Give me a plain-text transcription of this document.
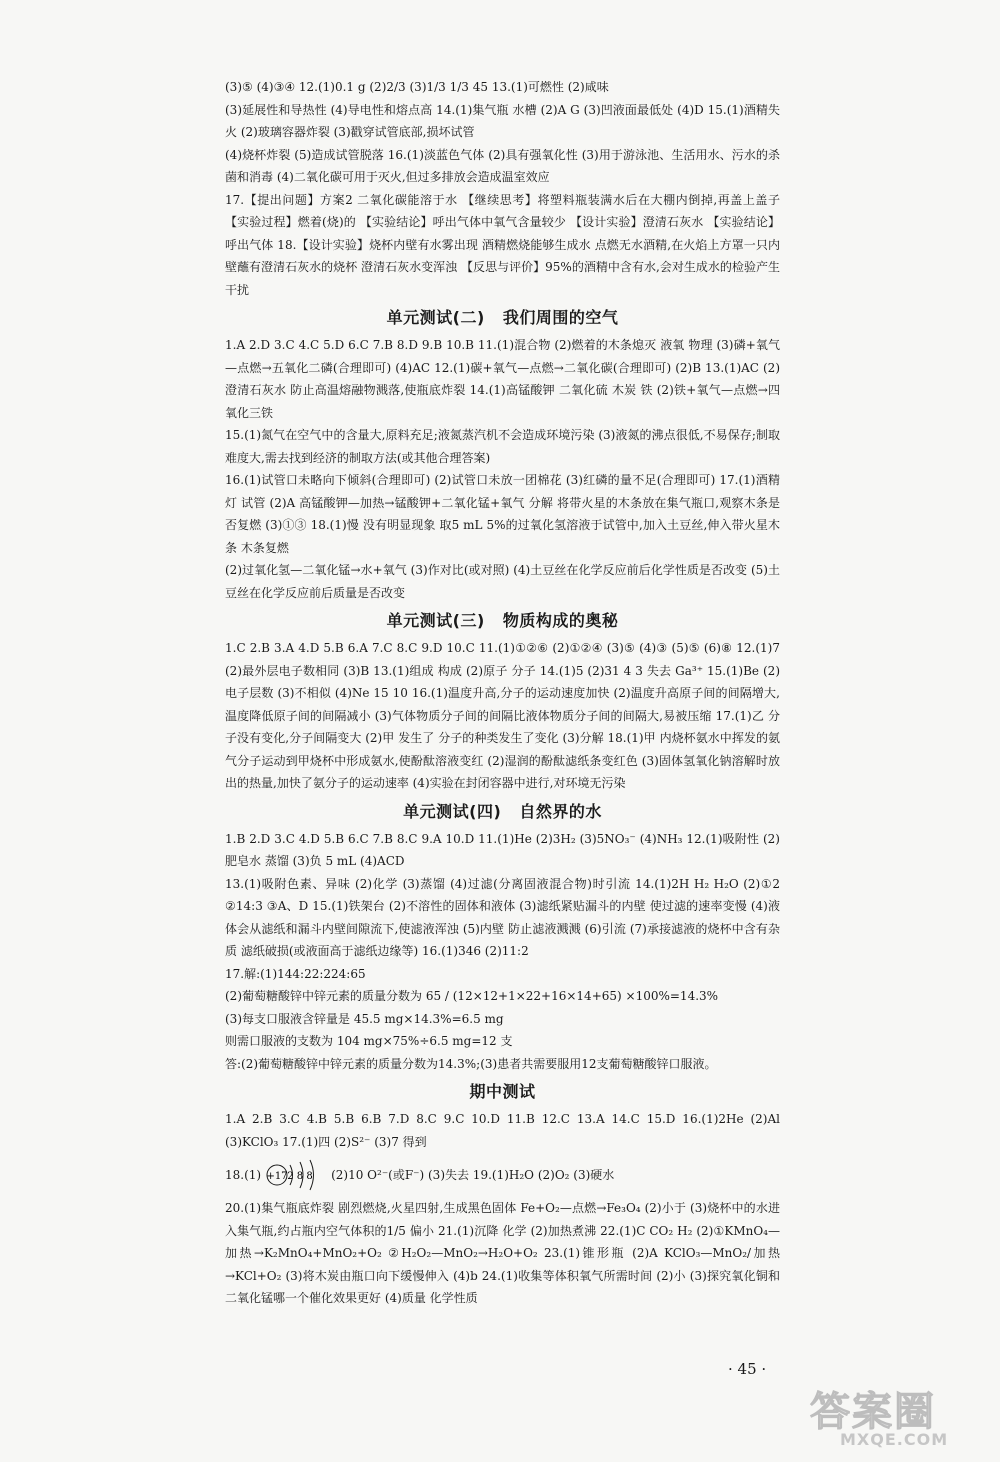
(3)⑤ (4)③④ 12.(1)0.1 g (2)2/3 (3)1/3 1/3 45 13.(1)可燃性 (2)咸味

(3)延展性和导热性 (4)导电性和熔点高 14.(1)集气瓶 水槽 (2)A G (3)凹液面最低处 (4)D 15.(1)酒精失火 (2)玻璃容器炸裂 (3)戳穿试管底部,损坏试管

(4)烧杯炸裂 (5)造成试管脱落 16.(1)淡蓝色气体 (2)具有强氧化性 (3)用于游泳池、生活用水、污水的杀菌和消毒 (4)二氧化碳可用于灭火,但过多排放会造成温室效应

17.【提出问题】方案2 二氧化碳能溶于水 【继续思考】将塑料瓶装满水后在大棚内倒掉,再盖上盖子 【实验过程】燃着(烧)的 【实验结论】呼出气体中氧气含量较少 【设计实验】澄清石灰水 【实验结论】呼出气体 18.【设计实验】烧杯内壁有水雾出现 酒精燃烧能够生成水 点燃无水酒精,在火焰上方罩一只内壁蘸有澄清石灰水的烧杯 澄清石灰水变浑浊 【反思与评价】95%的酒精中含有水,会对生成水的检验产生干扰

单元测试(二) 我们周围的空气

1.A 2.D 3.C 4.C 5.D 6.C 7.B 8.D 9.B 10.B 11.(1)混合物 (2)燃着的木条熄灭 液氧 物理 (3)磷+氧气—点燃→五氧化二磷(合理即可) (4)AC 12.(1)碳+氧气—点燃→二氧化碳(合理即可) (2)B 13.(1)AC (2)澄清石灰水 防止高温熔融物溅落,使瓶底炸裂 14.(1)高锰酸钾 二氧化硫 木炭 铁 (2)铁+氧气—点燃→四氧化三铁

15.(1)氮气在空气中的含量大,原料充足;液氮蒸汽机不会造成环境污染 (3)液氮的沸点很低,不易保存;制取难度大,需去找到经济的制取方法(或其他合理答案)

16.(1)试管口未略向下倾斜(合理即可) (2)试管口未放一团棉花 (3)红磷的量不足(合理即可) 17.(1)酒精灯 试管 (2)A 高锰酸钾—加热→锰酸钾+二氧化锰+氧气 分解 将带火星的木条放在集气瓶口,观察木条是否复燃 (3)①③ 18.(1)慢 没有明显现象 取5 mL 5%的过氧化氢溶液于试管中,加入土豆丝,伸入带火星木条 木条复燃

(2)过氧化氢—二氧化锰→水+氧气 (3)作对比(或对照) (4)土豆丝在化学反应前后化学性质是否改变 (5)土豆丝在化学反应前后质量是否改变

单元测试(三) 物质构成的奥秘

1.C 2.B 3.A 4.D 5.B 6.A 7.C 8.C 9.D 10.C 11.(1)①②⑥ (2)①②④ (3)⑤ (4)③ (5)⑤ (6)⑧ 12.(1)7 (2)最外层电子数相同 (3)B 13.(1)组成 构成 (2)原子 分子 14.(1)5 (2)31 4 3 失去 Ga³⁺ 15.(1)Be (2)电子层数 (3)不相似 (4)Ne 15 10 16.(1)温度升高,分子的运动速度加快 (2)温度升高原子间的间隔增大,温度降低原子间的间隔减小 (3)气体物质分子间的间隔比液体物质分子间的间隔大,易被压缩 17.(1)乙 分子没有变化,分子间隔变大 (2)甲 发生了 分子的种类发生了变化 (3)分解 18.(1)甲 内烧杯氨水中挥发的氨气分子运动到甲烧杯中形成氨水,使酚酞溶液变红 (2)湿润的酚酞滤纸条变红色 (3)固体氢氧化钠溶解时放出的热量,加快了氨分子的运动速率 (4)实验在封闭容器中进行,对环境无污染

单元测试(四) 自然界的水

1.B 2.D 3.C 4.D 5.B 6.C 7.B 8.C 9.A 10.D 11.(1)He (2)3H₂ (3)5NO₃⁻ (4)NH₃ 12.(1)吸附性 (2)肥皂水 蒸馏 (3)负 5 mL (4)ACD

13.(1)吸附色素、异味 (2)化学 (3)蒸馏 (4)过滤(分离固液混合物)时引流 14.(1)2H H₂ H₂O (2)①2 ②14:3 ③A、D 15.(1)铁架台 (2)不溶性的固体和液体 (3)滤纸紧贴漏斗的内壁 使过滤的速率变慢 (4)液体会从滤纸和漏斗内壁间隙流下,使滤液浑浊 (5)内壁 防止滤液溅溅 (6)引流 (7)承接滤液的烧杯中含有杂质 滤纸破损(或液面高于滤纸边缘等) 16.(1)346 (2)11:2

17.解:(1)144:22:224:65

(2)葡萄糖酸锌中锌元素的质量分数为 65 / (12×12+1×22+16×14+65) ×100%=14.3%

(3)每支口服液含锌量是 45.5 mg×14.3%=6.5 mg

则需口服液的支数为 104 mg×75%÷6.5 mg=12 支

答:(2)葡萄糖酸锌中锌元素的质量分数为14.3%;(3)患者共需要服用12支葡萄糖酸锌口服液。

期中测试

1.A 2.B 3.C 4.B 5.B 6.B 7.D 8.C 9.C 10.D 11.B 12.C 13.A 14.C 15.D 16.(1)2He (2)Al (3)KClO₃ 17.(1)四 (2)S²⁻ (3)7 得到

18.(1) +17 2 8 8 (2)10 O²⁻(或F⁻) (3)失去 19.(1)H₂O (2)O₂ (3)硬水

20.(1)集气瓶底炸裂 剧烈燃烧,火星四射,生成黑色固体 Fe+O₂—点燃→Fe₃O₄ (2)小于 (3)烧杯中的水进入集气瓶,约占瓶内空气体积的1/5 偏小 21.(1)沉降 化学 (2)加热煮沸 22.(1)C CO₂ H₂ (2)①KMnO₄—加热→K₂MnO₄+MnO₂+O₂ ②H₂O₂—MnO₂→H₂O+O₂ 23.(1)锥形瓶 (2)A KClO₃—MnO₂/加热→KCl+O₂ (3)将木炭由瓶口向下缓慢伸入 (4)b 24.(1)收集等体积氧气所需时间 (2)小 (3)探究氧化铜和二氧化锰哪一个催化效果更好 (4)质量 化学性质

· 45 ·
答案圈
MXQE.COM
